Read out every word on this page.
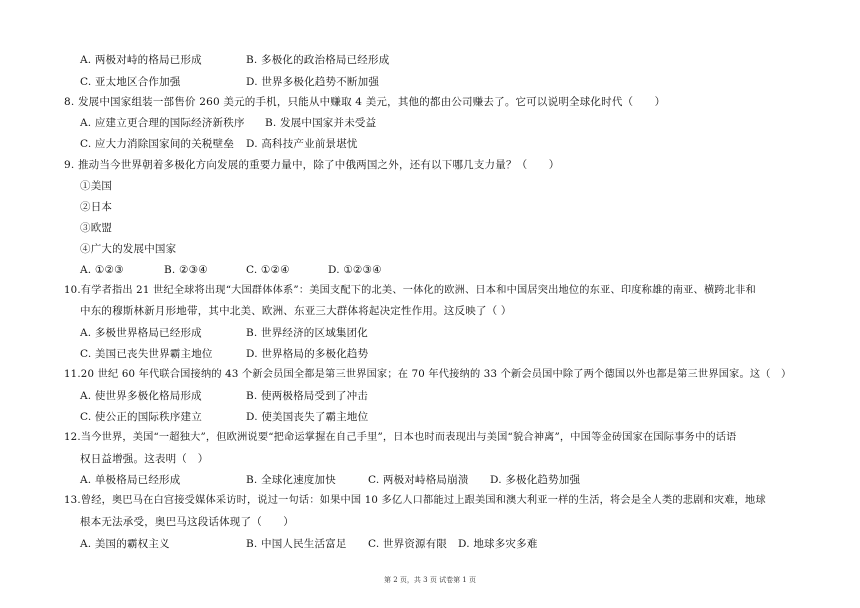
A. 两极对峙的格局已形成	B. 多极化的政治格局已经形成
C. 亚太地区合作加强	D. 世界多极化趋势不断加强
8. 发展中国家组装一部售价 260 美元的手机，只能从中赚取 4 美元，其他的都由公司赚去了。它可以说明全球化时代（　　）
A. 应建立更合理的国际经济新秩序 B. 发展中国家并未受益
C. 应大力消除国家间的关税壁垒 D. 高科技产业前景堪忧
9. 推动当今世界朝着多极化方向发展的重要力量中，除了中俄两国之外，还有以下哪几支力量？（　　）
①美国
②日本
③欧盟
④广大的发展中国家
A. ①②③	B. ②③④	C. ①②④	D. ①②③④
10.有学者指出 21 世纪全球将出现“大国群体体系”：美国支配下的北美、一体化的欧洲、日本和中国居突出地位的东亚、印度称雄的南亚、横跨北非和
中东的穆斯林新月形地带，其中北美、欧洲、东亚三大群体将起决定性作用。这反映了（ ）
A. 多极世界格局已经形成	B. 世界经济的区域集团化
C. 美国已丧失世界霸主地位	D. 世界格局的多极化趋势
11.20 世纪 60 年代联合国接纳的 43 个新会员国全都是第三世界国家；在 70 年代接纳的 33 个新会员国中除了两个德国以外也都是第三世界国家。这（　）
A. 使世界多极化格局形成	B. 使两极格局受到了冲击
C. 使公正的国际秩序建立	D. 使美国丧失了霸主地位
12.当今世界，美国“一超独大”，但欧洲说要“把命运掌握在自己手里”，日本也时而表现出与美国“貌合神离”，中国等金砖国家在国际事务中的话语
权日益增强。这表明（　）
A. 单极格局已经形成	B. 全球化速度加快	C. 两极对峙格局崩溃 D. 多极化趋势加强
13.曾经，奥巴马在白宫接受媒体采访时，说过一句话：如果中国 10 多亿人口都能过上跟美国和澳大利亚一样的生活，将会是全人类的悲剧和灾难，地球
根本无法承受，奥巴马这段话体现了（　　）
A. 美国的霸权主义	B. 中国人民生活富足 C. 世界资源有限 D. 地球多灾多难
第 2 页，共 3 页 试卷第 1 页
